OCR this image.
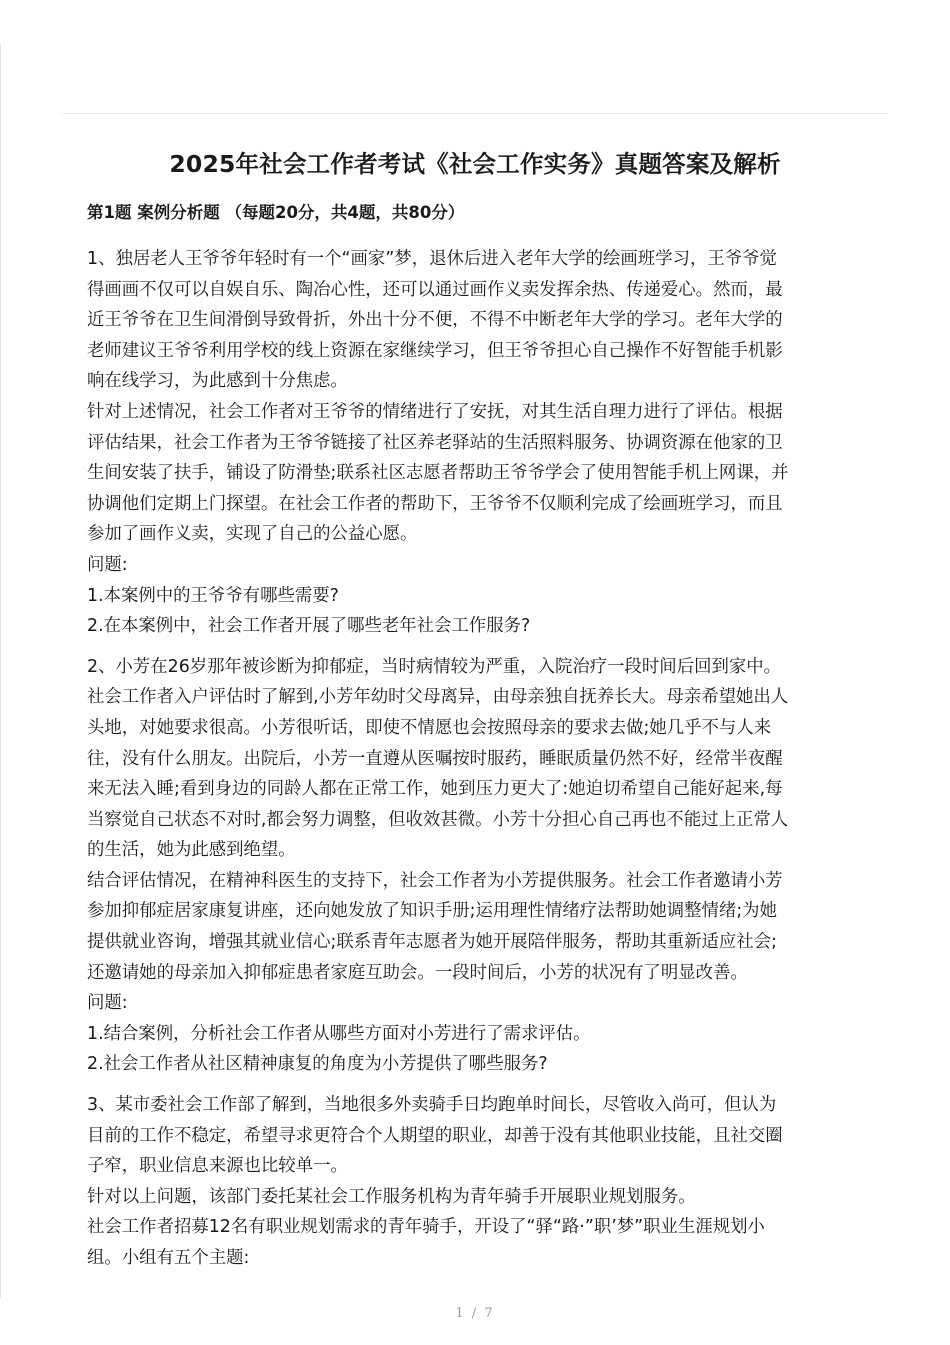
2025年社会工作者考试《社会工作实务》真题答案及解析
第1题 案例分析题 （每题20分，共4题，共80分）
1、独居老人王爷爷年轻时有一个“画家”梦，退休后进入老年大学的绘画班学习，王爷爷觉
得画画不仅可以自娱自乐、陶冶心性，还可以通过画作义卖发挥余热、传递爱心。然而，最
近王爷爷在卫生间滑倒导致骨折，外出十分不便，不得不中断老年大学的学习。老年大学的
老师建议王爷爷利用学校的线上资源在家继续学习，但王爷爷担心自己操作不好智能手机影
响在线学习，为此感到十分焦虑。
针对上述情况，社会工作者对王爷爷的情绪进行了安抚，对其生活自理力进行了评估。根据
评估结果，社会工作者为王爷爷链接了社区养老驿站的生活照料服务、协调资源在他家的卫
生间安装了扶手，铺设了防滑垫;联系社区志愿者帮助王爷爷学会了使用智能手机上网课，并
协调他们定期上门探望。在社会工作者的帮助下，王爷爷不仅顺利完成了绘画班学习，而且
参加了画作义卖，实现了自己的公益心愿。
问题:
1.本案例中的王爷爷有哪些需要?
2.在本案例中，社会工作者开展了哪些老年社会工作服务?
2、小芳在26岁那年被诊断为抑郁症，当时病情较为严重，入院治疗一段时间后回到家中。
社会工作者入户评估时了解到,小芳年幼时父母离异，由母亲独自抚养长大。母亲希望她出人
头地，对她要求很高。小芳很听话，即使不情愿也会按照母亲的要求去做;她几乎不与人来
往，没有什么朋友。出院后，小芳一直遵从医嘱按时服药，睡眠质量仍然不好，经常半夜醒
来无法入睡;看到身边的同龄人都在正常工作，她到压力更大了:她迫切希望自己能好起来,每
当察觉自己状态不对时,都会努力调整，但收效甚微。小芳十分担心自己再也不能过上正常人
的生活，她为此感到绝望。
结合评估情况，在精神科医生的支持下，社会工作者为小芳提供服务。社会工作者邀请小芳
参加抑郁症居家康复讲座，还向她发放了知识手册;运用理性情绪疗法帮助她调整情绪;为她
提供就业咨询，增强其就业信心;联系青年志愿者为她开展陪伴服务，帮助其重新适应社会;
还邀请她的母亲加入抑郁症患者家庭互助会。一段时间后，小芳的状况有了明显改善。
问题:
1.结合案例，分析社会工作者从哪些方面对小芳进行了需求评估。
2.社会工作者从社区精神康复的角度为小芳提供了哪些服务?
3、某市委社会工作部了解到，当地很多外卖骑手日均跑单时间长，尽管收入尚可，但认为
目前的工作不稳定，希望寻求更符合个人期望的职业，却善于没有其他职业技能，且社交圈
子窄，职业信息来源也比较单一。
针对以上问题，该部门委托某社会工作服务机构为青年骑手开展职业规划服务。
社会工作者招募12名有职业规划需求的青年骑手，开设了“驿“路·”职’梦”职业生涯规划小
组。小组有五个主题:
1 / 7
